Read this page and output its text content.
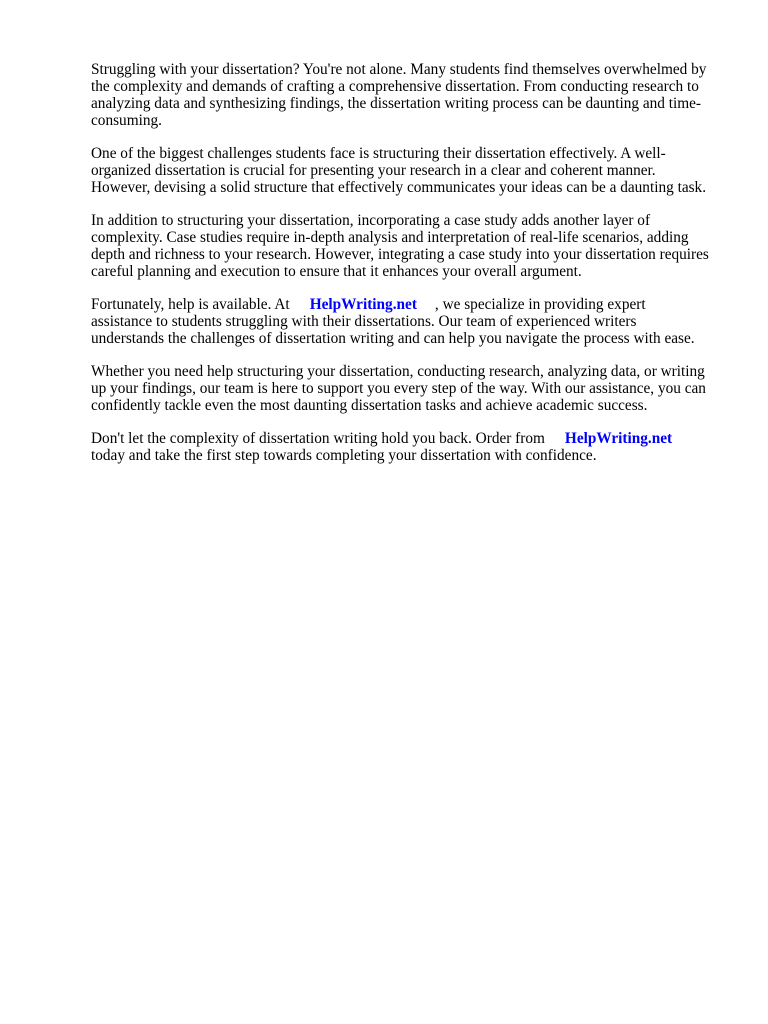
Struggling with your dissertation? You're not alone. Many students find themselves overwhelmed by
the complexity and demands of crafting a comprehensive dissertation. From conducting research to
analyzing data and synthesizing findings, the dissertation writing process can be daunting and time-
consuming.

One of the biggest challenges students face is structuring their dissertation effectively. A well-
organized dissertation is crucial for presenting your research in a clear and coherent manner.
However, devising a solid structure that effectively communicates your ideas can be a daunting task.

In addition to structuring your dissertation, incorporating a case study adds another layer of
complexity. Case studies require in-depth analysis and interpretation of real-life scenarios, adding
depth and richness to your research. However, integrating a case study into your dissertation requires
careful planning and execution to ensure that it enhances your overall argument.

Fortunately, help is available. At HelpWriting.net , we specialize in providing expert
assistance to students struggling with their dissertations. Our team of experienced writers
understands the challenges of dissertation writing and can help you navigate the process with ease.

Whether you need help structuring your dissertation, conducting research, analyzing data, or writing
up your findings, our team is here to support you every step of the way. With our assistance, you can
confidently tackle even the most daunting dissertation tasks and achieve academic success.

Don't let the complexity of dissertation writing hold you back. Order from HelpWriting.net
today and take the first step towards completing your dissertation with confidence.
